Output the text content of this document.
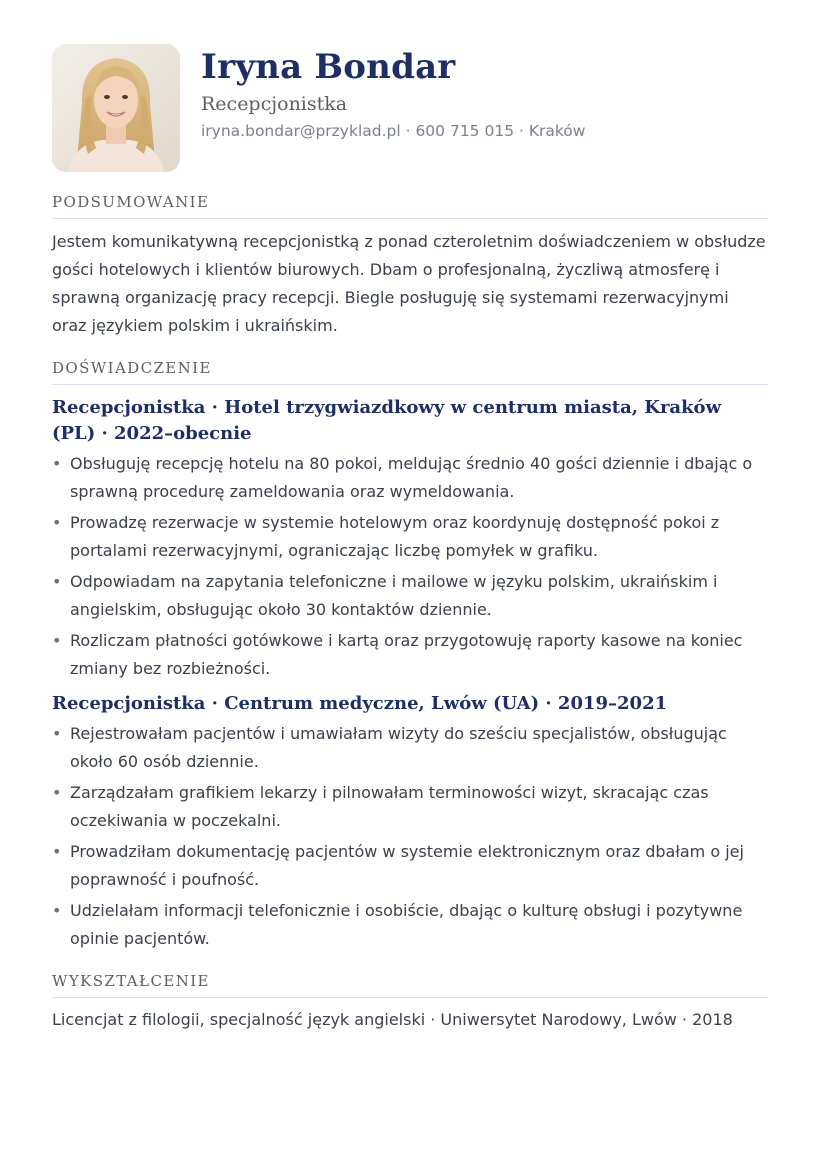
Iryna Bondar
Recepcjonistka
iryna.bondar@przyklad.pl · 600 715 015 · Kraków
PODSUMOWANIE
Jestem komunikatywną recepcjonistką z ponad czteroletnim doświadczeniem w obsłudze gości hotelowych i klientów biurowych. Dbam o profesjonalną, życzliwą atmosferę i sprawną organizację pracy recepcji. Biegle posługuję się systemami rezerwacyjnymi oraz językiem polskim i ukraińskim.
DOŚWIADCZENIE
Recepcjonistka · Hotel trzygwiazdkowy w centrum miasta, Kraków (PL) · 2022–obecnie
• Obsługuję recepcję hotelu na 80 pokoi, meldując średnio 40 gości dziennie i dbając o sprawną procedurę zameldowania oraz wymeldowania.
• Prowadzę rezerwacje w systemie hotelowym oraz koordynuję dostępność pokoi z portalami rezerwacyjnymi, ograniczając liczbę pomyłek w grafiku.
• Odpowiadam na zapytania telefoniczne i mailowe w języku polskim, ukraińskim i angielskim, obsługując około 30 kontaktów dziennie.
• Rozliczam płatności gotówkowe i kartą oraz przygotowuję raporty kasowe na koniec zmiany bez rozbieżności.
Recepcjonistka · Centrum medyczne, Lwów (UA) · 2019–2021
• Rejestrowałam pacjentów i umawiałam wizyty do sześciu specjalistów, obsługując około 60 osób dziennie.
• Zarządzałam grafikiem lekarzy i pilnowałam terminowości wizyt, skracając czas oczekiwania w poczekalni.
• Prowadziłam dokumentację pacjentów w systemie elektronicznym oraz dbałam o jej poprawność i poufność.
• Udzielałam informacji telefonicznie i osobiście, dbając o kulturę obsługi i pozytywne opinie pacjentów.
WYKSZTAŁCENIE
Licencjat z filologii, specjalność język angielski · Uniwersytet Narodowy, Lwów · 2018
